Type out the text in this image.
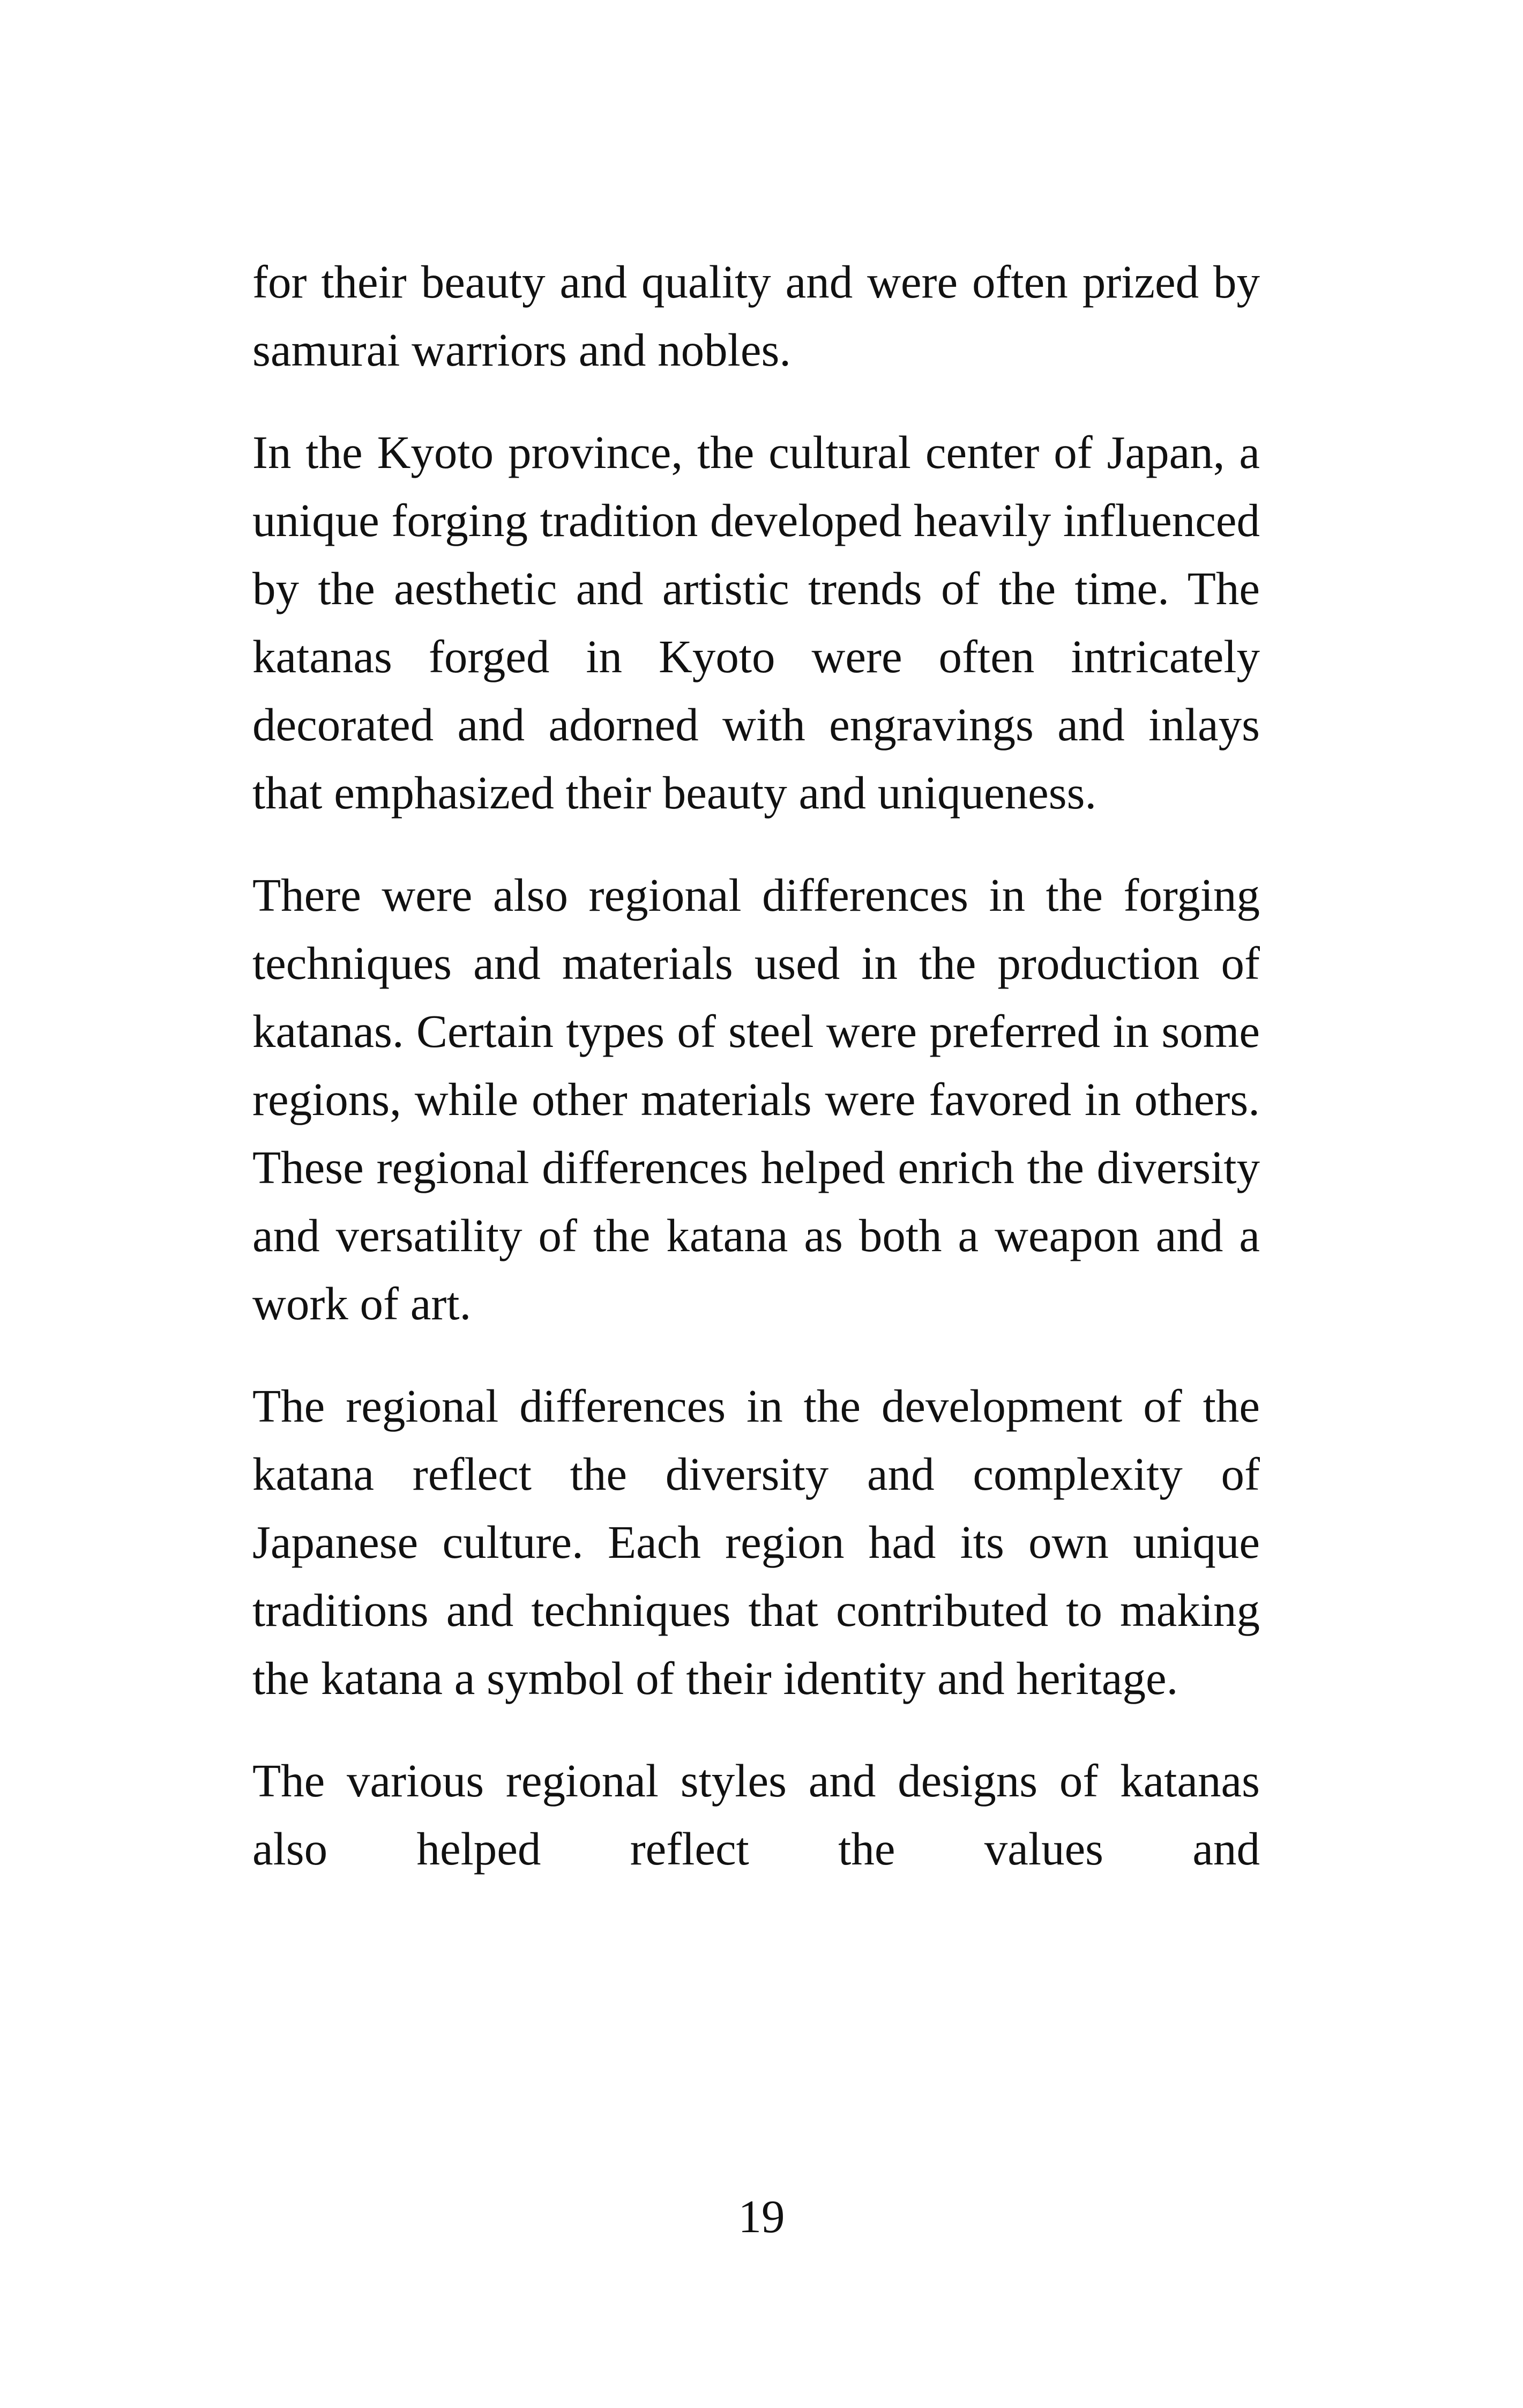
for their beauty and quality and were often prized by samurai warriors and nobles.

In the Kyoto province, the cultural center of Japan, a unique forging tradition developed heavily influenced by the aesthetic and artistic trends of the time. The katanas forged in Kyoto were often intricately decorated and adorned with engravings and inlays that emphasized their beauty and uniqueness.

There were also regional differences in the forging techniques and materials used in the production of katanas. Certain types of steel were preferred in some regions, while other materials were favored in others. These regional differences helped enrich the diversity and versatility of the katana as both a weapon and a work of art.

The regional differences in the development of the katana reflect the diversity and complexity of Japanese culture. Each region had its own unique traditions and techniques that contributed to making the katana a symbol of their identity and heritage.

The various regional styles and designs of katanas also helped reflect the values and

19
